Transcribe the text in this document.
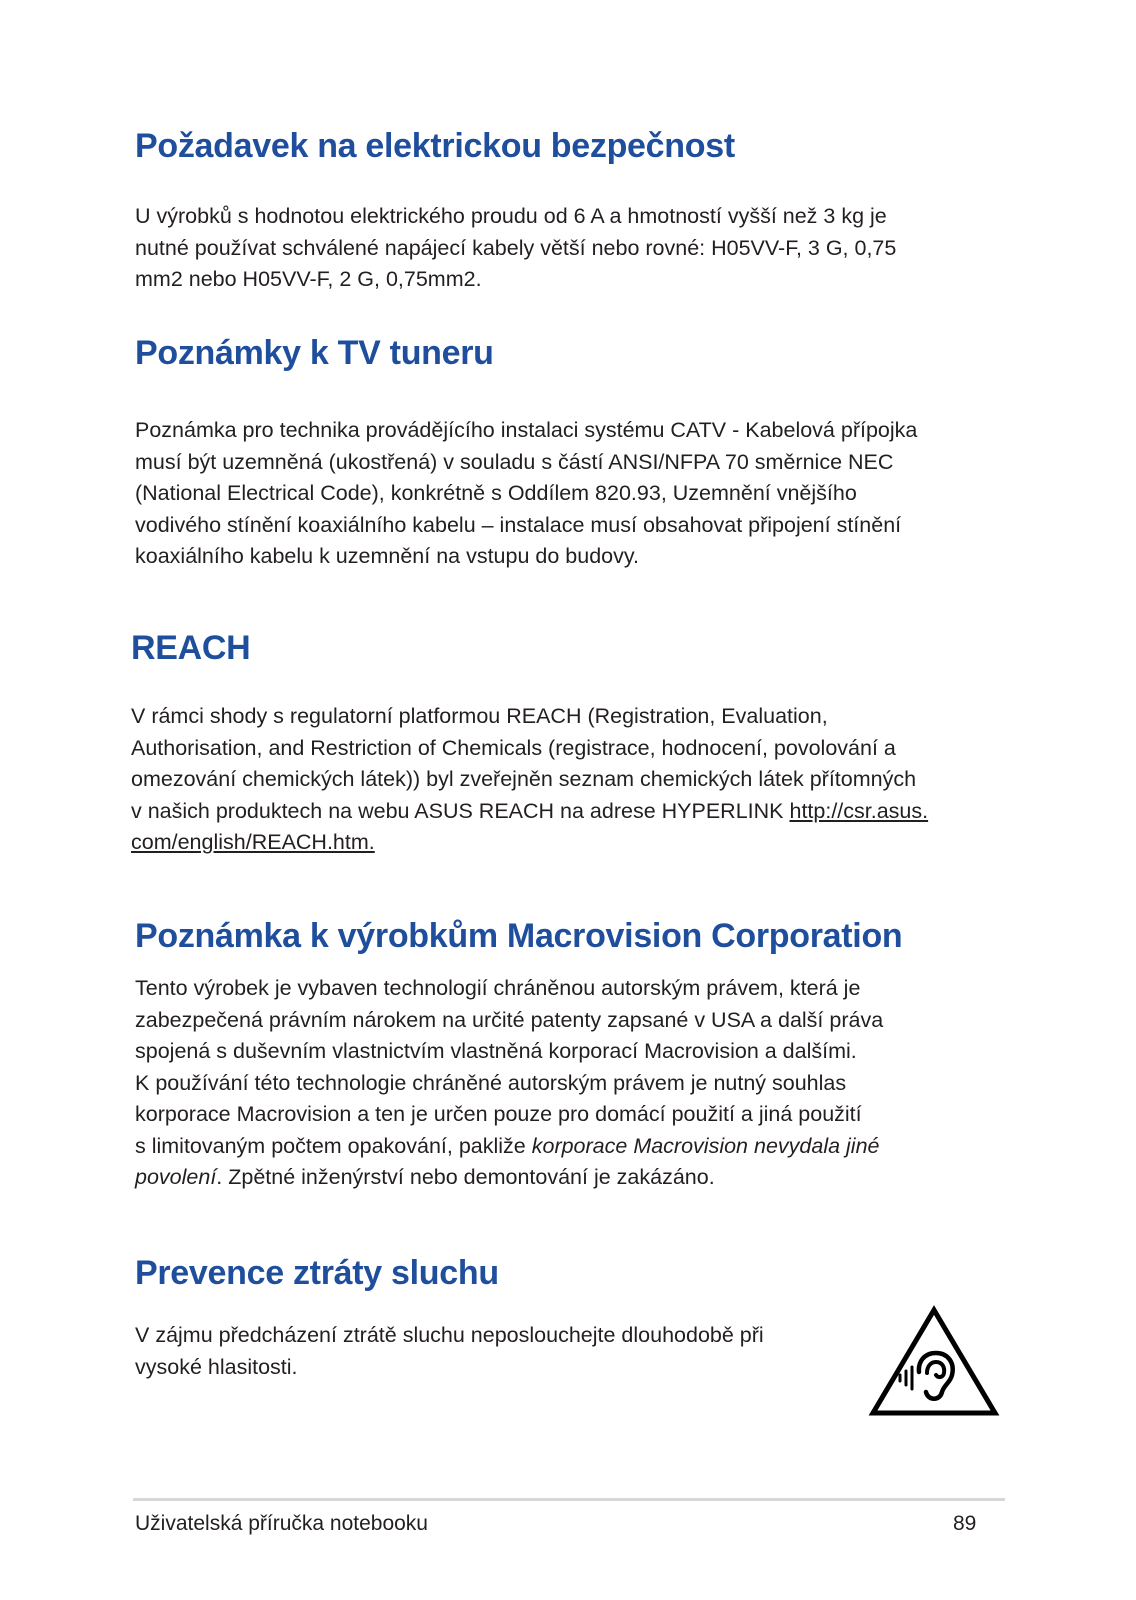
Požadavek na elektrickou bezpečnost
U výrobků s hodnotou elektrického proudu od 6 A a hmotností vyšší než 3 kg je
nutné používat schválené napájecí kabely větší nebo rovné: H05VV-F, 3 G, 0,75
mm2 nebo H05VV-F, 2 G, 0,75mm2.
Poznámky k TV tuneru
Poznámka pro technika provádějícího instalaci systému CATV - Kabelová přípojka
musí být uzemněná (ukostřená) v souladu s částí ANSI/NFPA 70 směrnice NEC
(National Electrical Code), konkrétně s Oddílem 820.93, Uzemnění vnějšího
vodivého stínění koaxiálního kabelu – instalace musí obsahovat připojení stínění
koaxiálního kabelu k uzemnění na vstupu do budovy.
REACH
V rámci shody s regulatorní platformou REACH (Registration, Evaluation,
Authorisation, and Restriction of Chemicals (registrace, hodnocení, povolování a
omezování chemických látek)) byl zveřejněn seznam chemických látek přítomných
v našich produktech na webu ASUS REACH na adrese HYPERLINK http://csr.asus.
com/english/REACH.htm.
Poznámka k výrobkům Macrovision Corporation
Tento výrobek je vybaven technologií chráněnou autorským právem, která je
zabezpečená právním nárokem na určité patenty zapsané v USA a další práva
spojená s duševním vlastnictvím vlastněná korporací Macrovision a dalšími.
K používání této technologie chráněné autorským právem je nutný souhlas
korporace Macrovision a ten je určen pouze pro domácí použití a jiná použití
s limitovaným počtem opakování, pakliže korporace Macrovision nevydala jiné
povolení. Zpětné inženýrství nebo demontování je zakázáno.
Prevence ztráty sluchu
V zájmu předcházení ztrátě sluchu neposlouchejte dlouhodobě při
vysoké hlasitosti.
Uživatelská příručka notebooku	89
